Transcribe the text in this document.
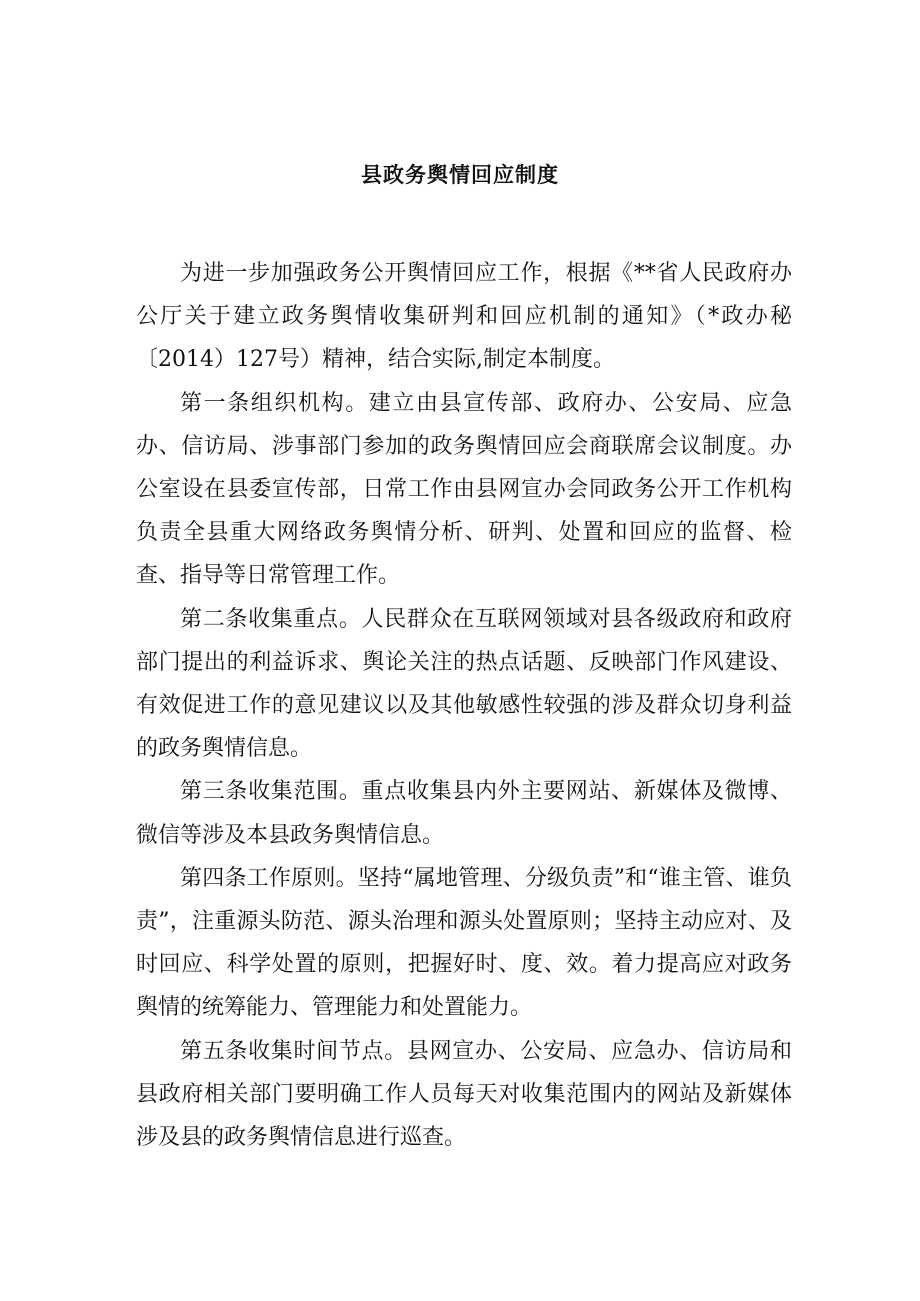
县政务舆情回应制度

为进一步加强政务公开舆情回应工作，根据《**省人民政府办公厅关于建立政务舆情收集研判和回应机制的通知》（*政办秘〔2014）127号）精神，结合实际,制定本制度。

第一条组织机构。建立由县宣传部、政府办、公安局、应急办、信访局、涉事部门参加的政务舆情回应会商联席会议制度。办公室设在县委宣传部，日常工作由县网宣办会同政务公开工作机构负责全县重大网络政务舆情分析、研判、处置和回应的监督、检查、指导等日常管理工作。

第二条收集重点。人民群众在互联网领域对县各级政府和政府部门提出的利益诉求、舆论关注的热点话题、反映部门作风建设、有效促进工作的意见建议以及其他敏感性较强的涉及群众切身利益的政务舆情信息。

第三条收集范围。重点收集县内外主要网站、新媒体及微博、微信等涉及本县政务舆情信息。

第四条工作原则。坚持“属地管理、分级负责”和“谁主管、谁负责”，注重源头防范、源头治理和源头处置原则；坚持主动应对、及时回应、科学处置的原则，把握好时、度、效。着力提高应对政务舆情的统筹能力、管理能力和处置能力。

第五条收集时间节点。县网宣办、公安局、应急办、信访局和县政府相关部门要明确工作人员每天对收集范围内的网站及新媒体涉及县的政务舆情信息进行巡查。
